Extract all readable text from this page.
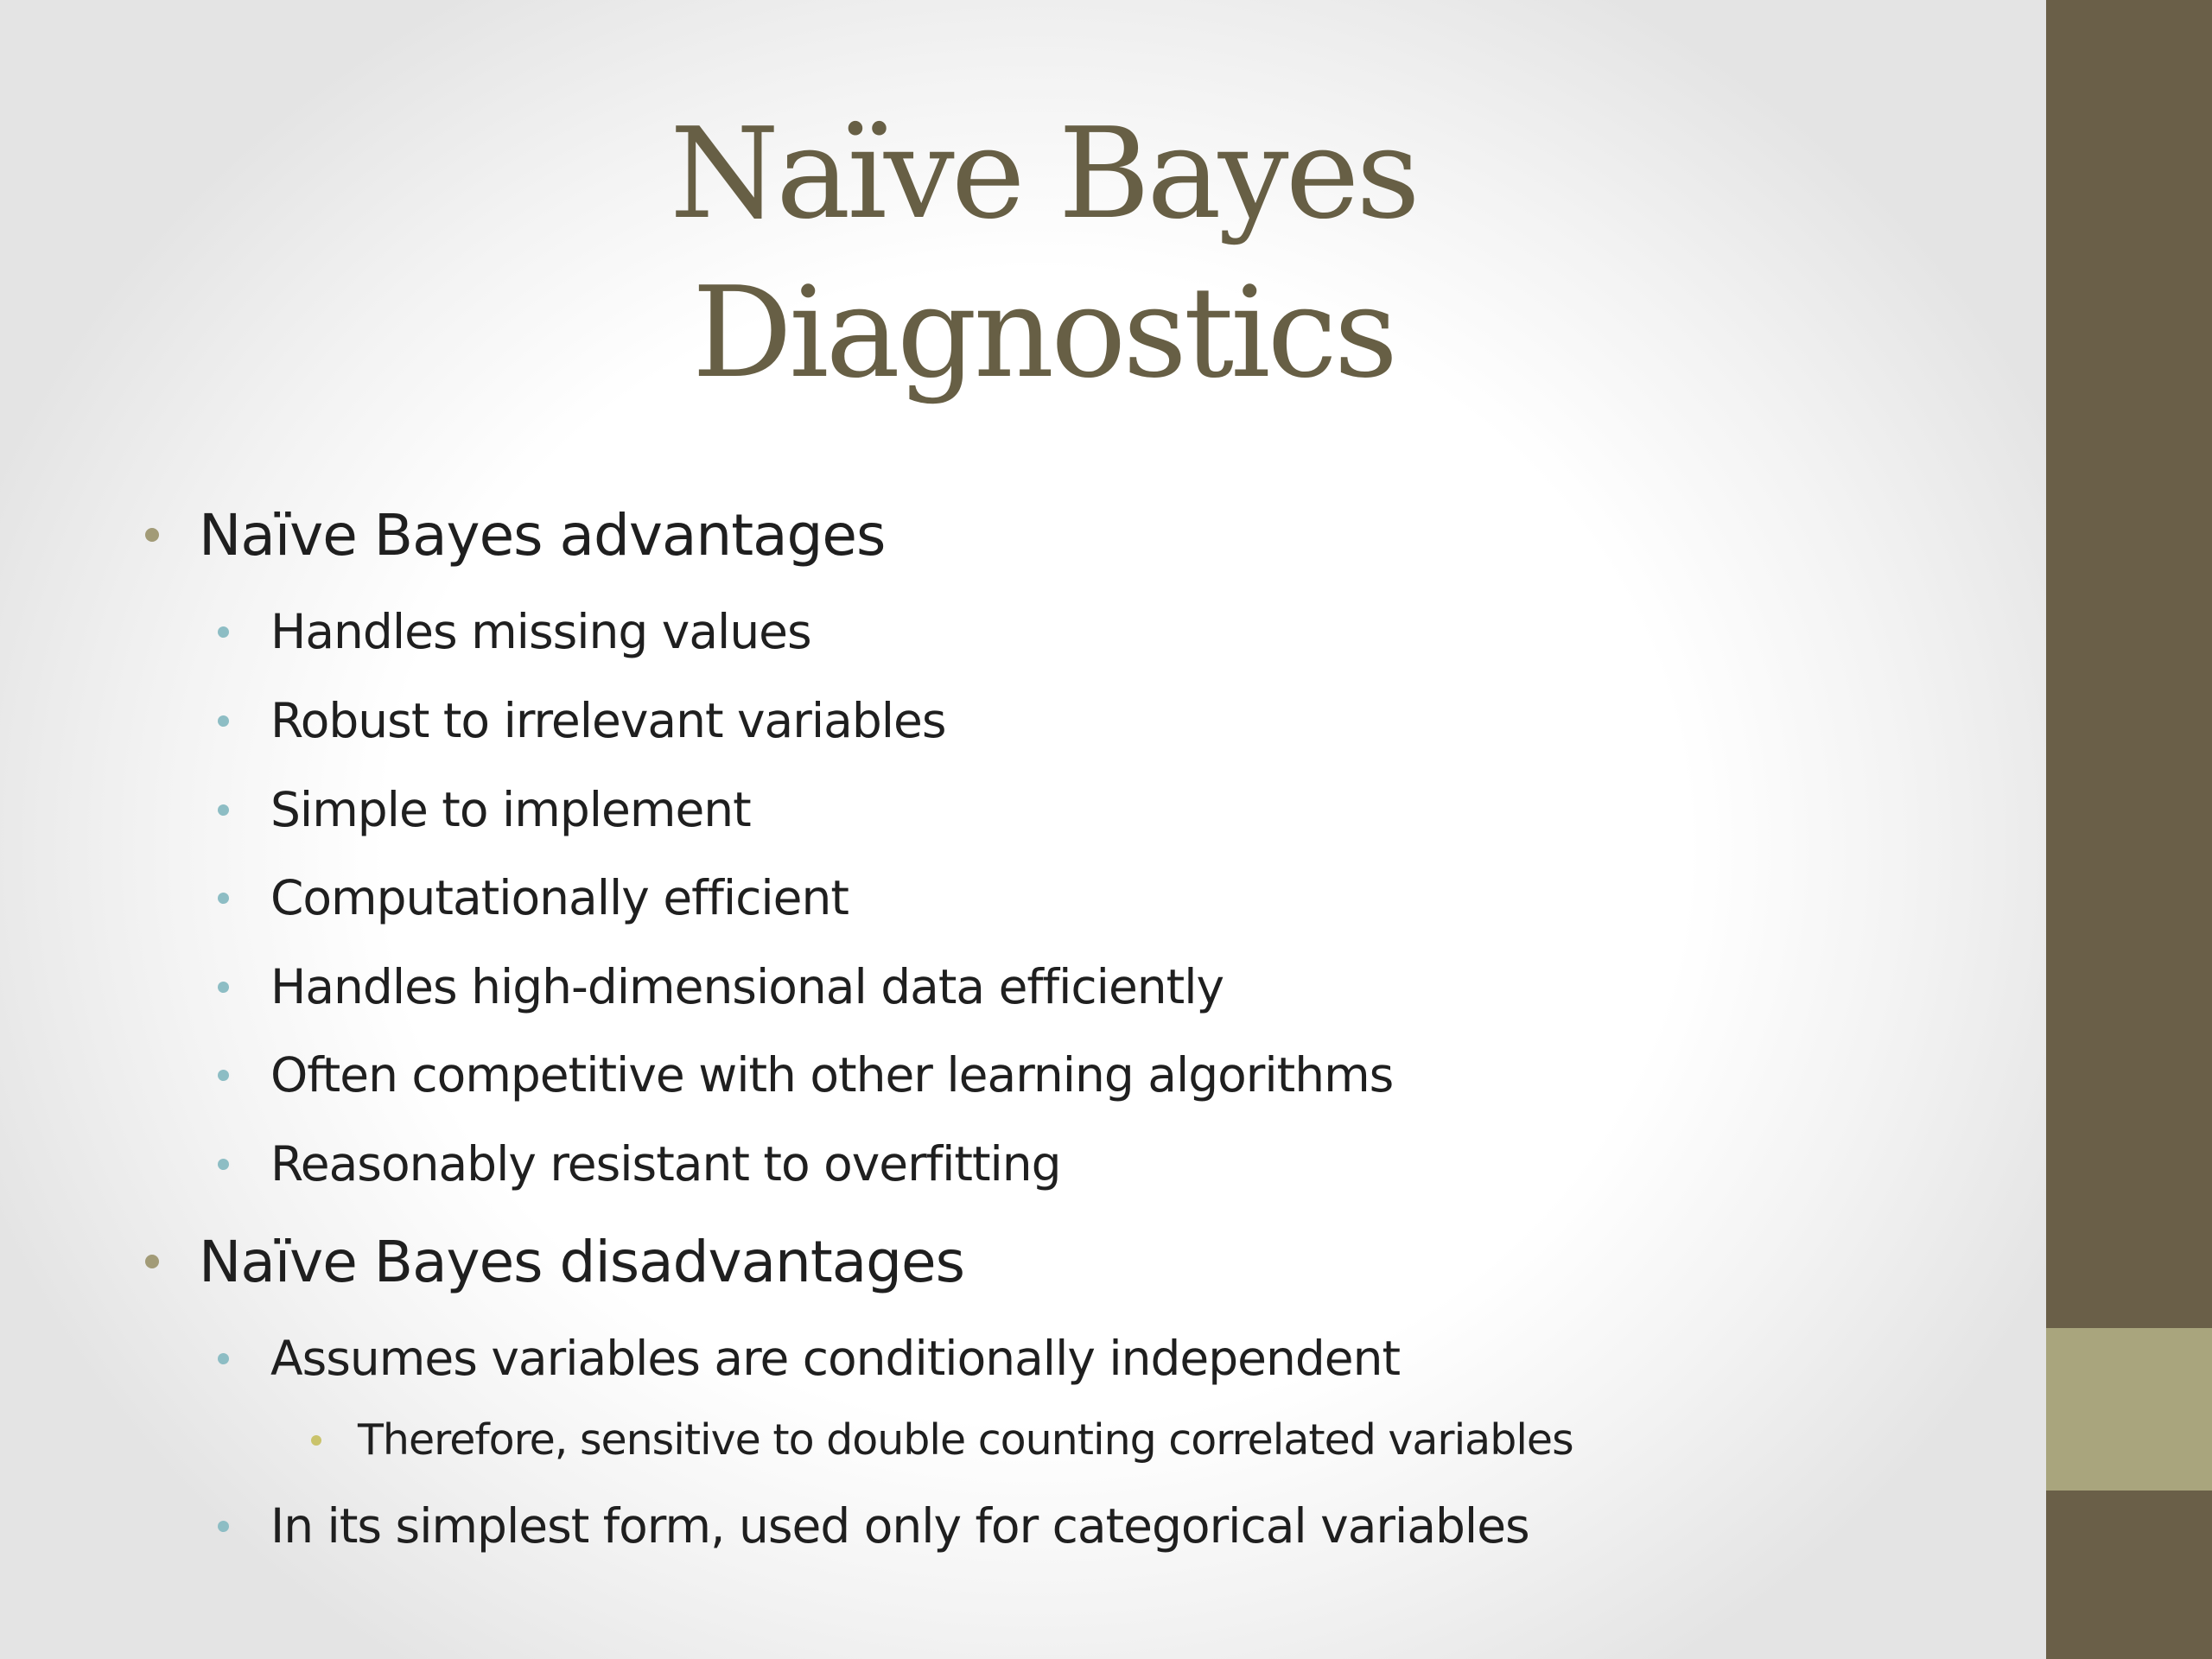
Naïve Bayes
Diagnostics
Naïve Bayes advantages
Handles missing values
Robust to irrelevant variables
Simple to implement
Computationally efficient
Handles high-dimensional data efficiently
Often competitive with other learning algorithms
Reasonably resistant to overfitting
Naïve Bayes disadvantages
Assumes variables are conditionally independent
Therefore, sensitive to double counting correlated variables
In its simplest form, used only for categorical variables
